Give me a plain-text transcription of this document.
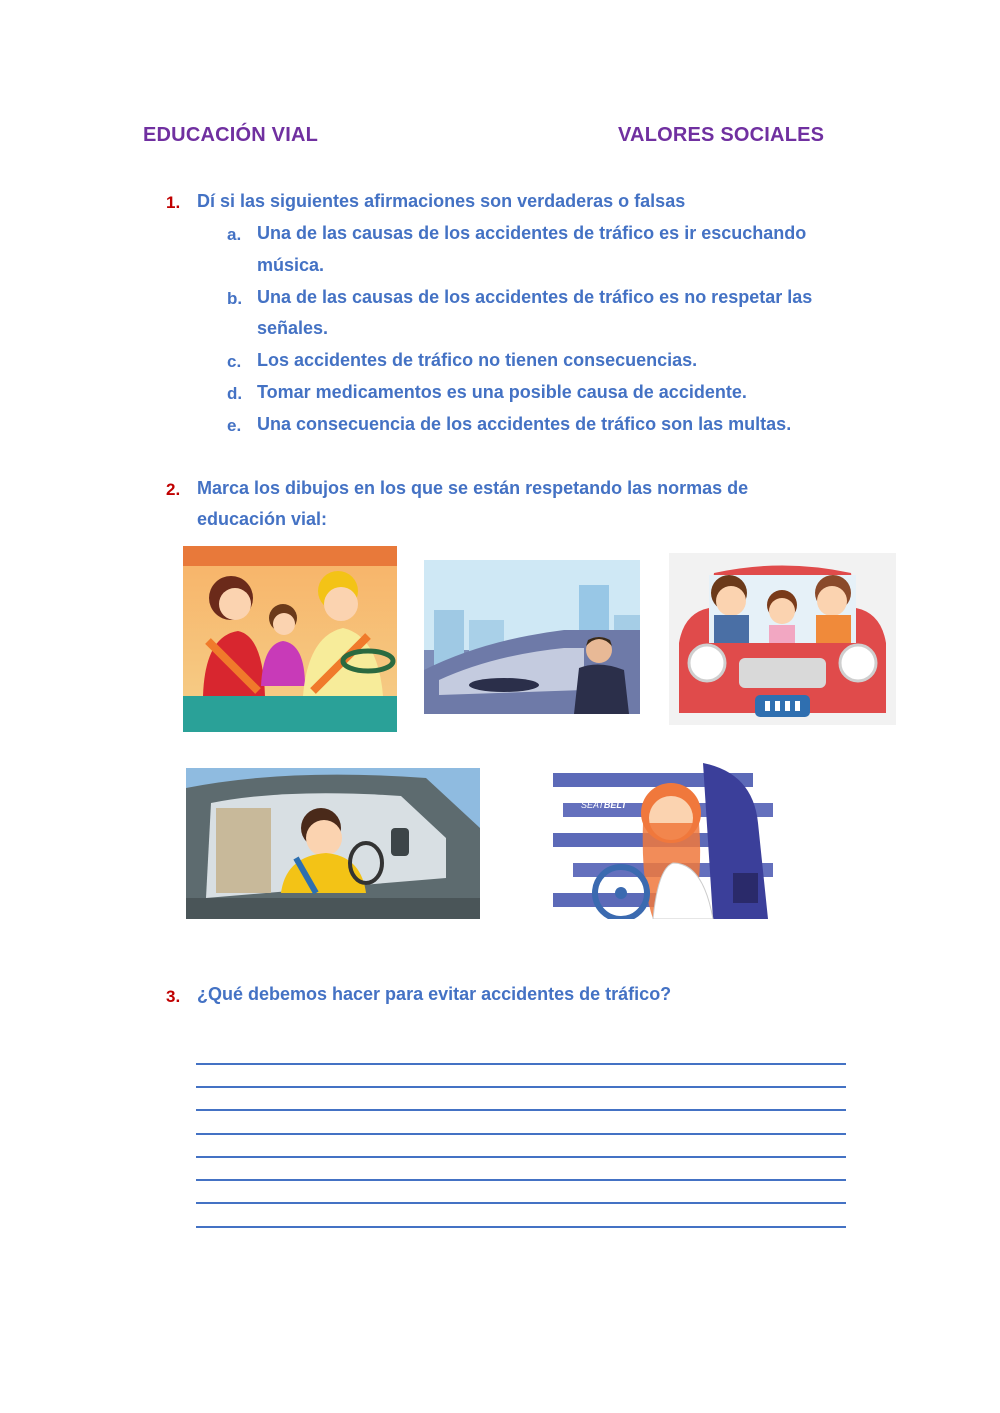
EDUCACIÓN VIAL	VALORES SOCIALES
1. Dí si las siguientes afirmaciones son verdaderas o falsas
a. Una de las causas de los accidentes de tráfico es ir escuchando
música.
b. Una de las causas de los accidentes de tráfico es no respetar las
señales.
c. Los accidentes de tráfico no tienen consecuencias.
d. Tomar medicamentos es una posible causa de accidente.
e. Una consecuencia de los accidentes de tráfico son las multas.
2. Marca los dibujos en los que se están respetando las normas de
educación vial:
WEAR YOUR
SEATBELT
3. ¿Qué debemos hacer para evitar accidentes de tráfico?
